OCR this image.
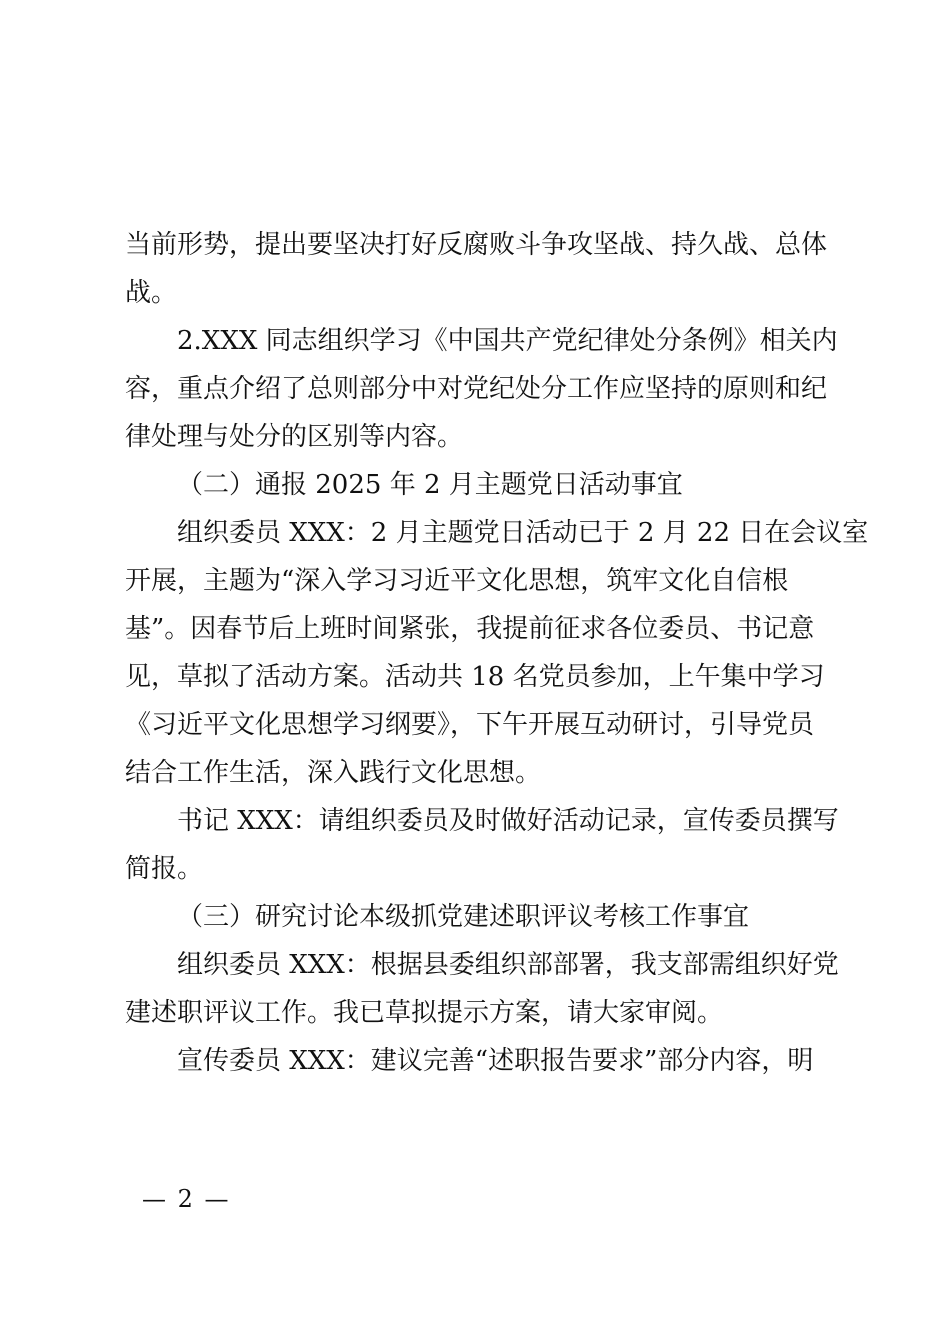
当前形势，提出要坚决打好反腐败斗争攻坚战、持久战、总体
战。

2.XXX 同志组织学习《中国共产党纪律处分条例》相关内
容，重点介绍了总则部分中对党纪处分工作应坚持的原则和纪
律处理与处分的区别等内容。

（二）通报 2025 年 2 月主题党日活动事宜

组织委员 XXX：2 月主题党日活动已于 2 月 22 日在会议室
开展，主题为“深入学习习近平文化思想，筑牢文化自信根
基”。因春节后上班时间紧张，我提前征求各位委员、书记意
见，草拟了活动方案。活动共 18 名党员参加，上午集中学习
《习近平文化思想学习纲要》，下午开展互动研讨，引导党员
结合工作生活，深入践行文化思想。

书记 XXX：请组织委员及时做好活动记录，宣传委员撰写
简报。

（三）研究讨论本级抓党建述职评议考核工作事宜

组织委员 XXX：根据县委组织部部署，我支部需组织好党
建述职评议工作。我已草拟提示方案，请大家审阅。

宣传委员 XXX：建议完善“述职报告要求”部分内容，明

— 2 —
